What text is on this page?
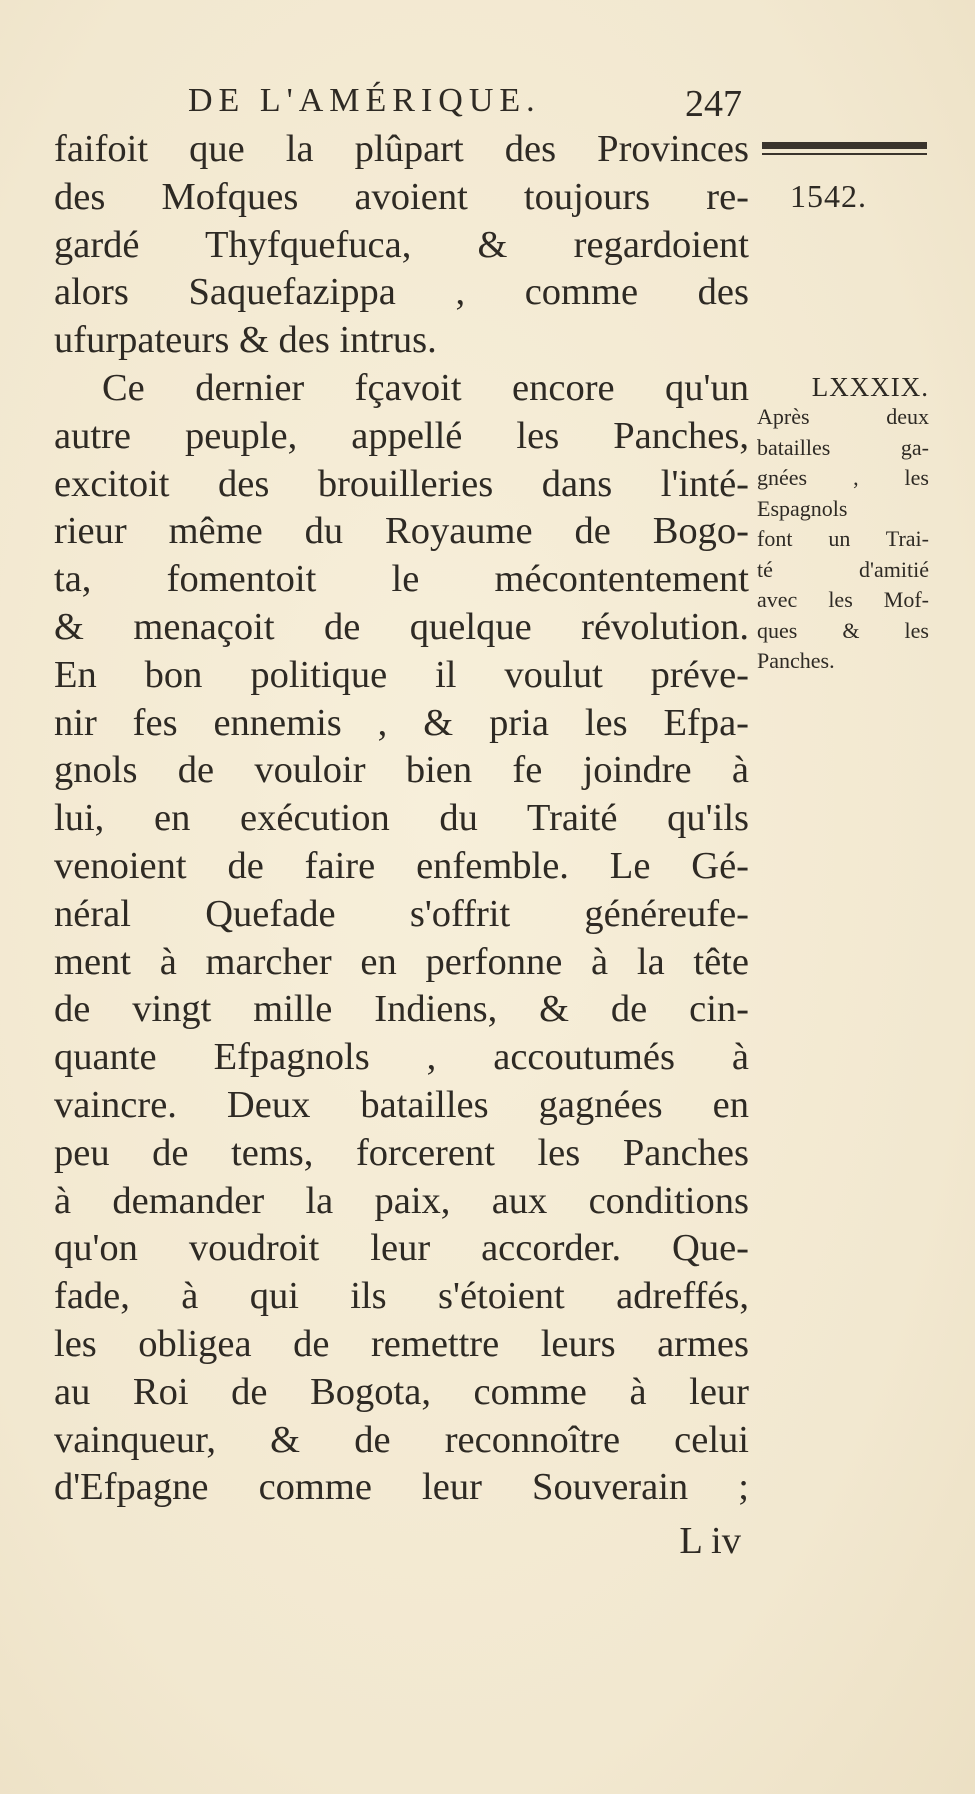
DE L'AMÉRIQUE.	247
faifoit que la plûpart des Provinces
des Mofques avoient toujours re-
gardé Thyfquefuca, & regardoient
alors Saquefazippa , comme des
ufurpateurs & des intrus.
Ce dernier fçavoit encore qu'un
autre peuple, appellé les Panches,
excitoit des brouilleries dans l'inté-
rieur même du Royaume de Bogo-
ta, fomentoit le mécontentement
& menaçoit de quelque révolution.
En bon politique il voulut préve-
nir fes ennemis , & pria les Efpa-
gnols de vouloir bien fe joindre à
lui, en exécution du Traité qu'ils
venoient de faire enfemble. Le Gé-
néral Quefade s'offrit généreufe-
ment à marcher en perfonne à la tête
de vingt mille Indiens, & de cin-
quante Efpagnols , accoutumés à
vaincre. Deux batailles gagnées en
peu de tems, forcerent les Panches
à demander la paix, aux conditions
qu'on voudroit leur accorder. Que-
fade, à qui ils s'étoient adreffés,
les obligea de remettre leurs armes
au Roi de Bogota, comme à leur
vainqueur, & de reconnoître celui
d'Efpagne comme leur Souverain ;
L iv
1542.
LXXXIX.
Après deux
batailles ga-
gnées , les
Espagnols
font un Trai-
té d'amitié
avec les Mof-
ques & les
Panches.
